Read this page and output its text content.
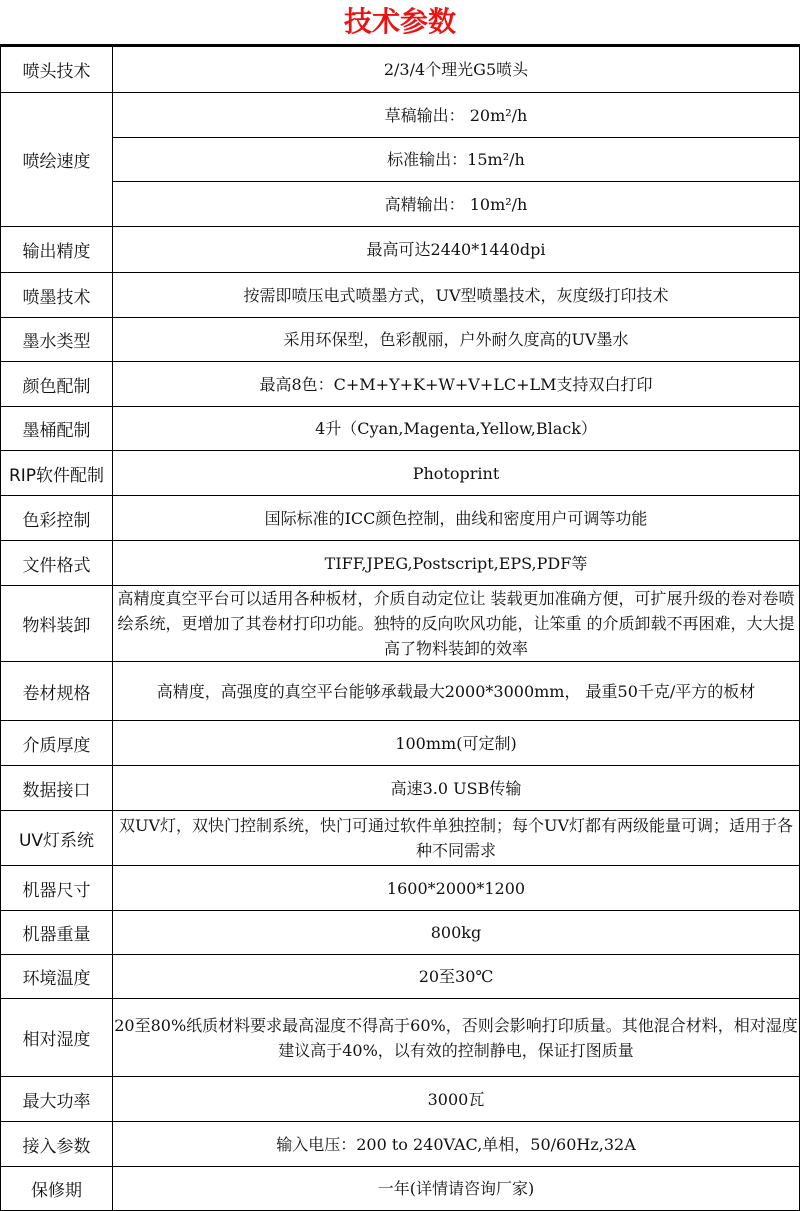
技术参数
喷头技术	2/3/4个理光G5喷头
喷绘速度	草稿输出： 20m²/h
	标准输出：15m²/h
	高精输出： 10m²/h
输出精度	最高可达2440*1440dpi
喷墨技术	按需即喷压电式喷墨方式，UV型喷墨技术，灰度级打印技术
墨水类型	采用环保型，色彩靓丽，户外耐久度高的UV墨水
颜色配制	最高8色：C+M+Y+K+W+V+LC+LM支持双白打印
墨桶配制	4升（Cyan,Magenta,Yellow,Black）
RIP软件配制	Photoprint
色彩控制	国际标准的ICC颜色控制，曲线和密度用户可调等功能
文件格式	TIFF,JPEG,Postscript,EPS,PDF等
物料装卸	高精度真空平台可以适用各种板材，介质自动定位让 装载更加准确方便，可扩展升级的卷对卷喷绘系统，更增加了其卷材打印功能。独特的反向吹风功能，让笨重 的介质卸载不再困难，大大提高了物料装卸的效率
卷材规格	高精度，高强度的真空平台能够承载最大2000*3000mm， 最重50千克/平方的板材
介质厚度	100mm(可定制)
数据接口	高速3.0 USB传输
UV灯系统	双UV灯，双快门控制系统，快门可通过软件单独控制；每个UV灯都有两级能量可调；适用于各种不同需求
机器尺寸	1600*2000*1200
机器重量	800kg
环境温度	20至30℃
相对湿度	20至80%纸质材料要求最高湿度不得高于60%，否则会影响打印质量。其他混合材料，相对湿度建议高于40%，以有效的控制静电，保证打图质量
最大功率	3000瓦
接入参数	输入电压：200 to 240VAC,单相，50/60Hz,32A
保修期	一年(详情请咨询厂家)
